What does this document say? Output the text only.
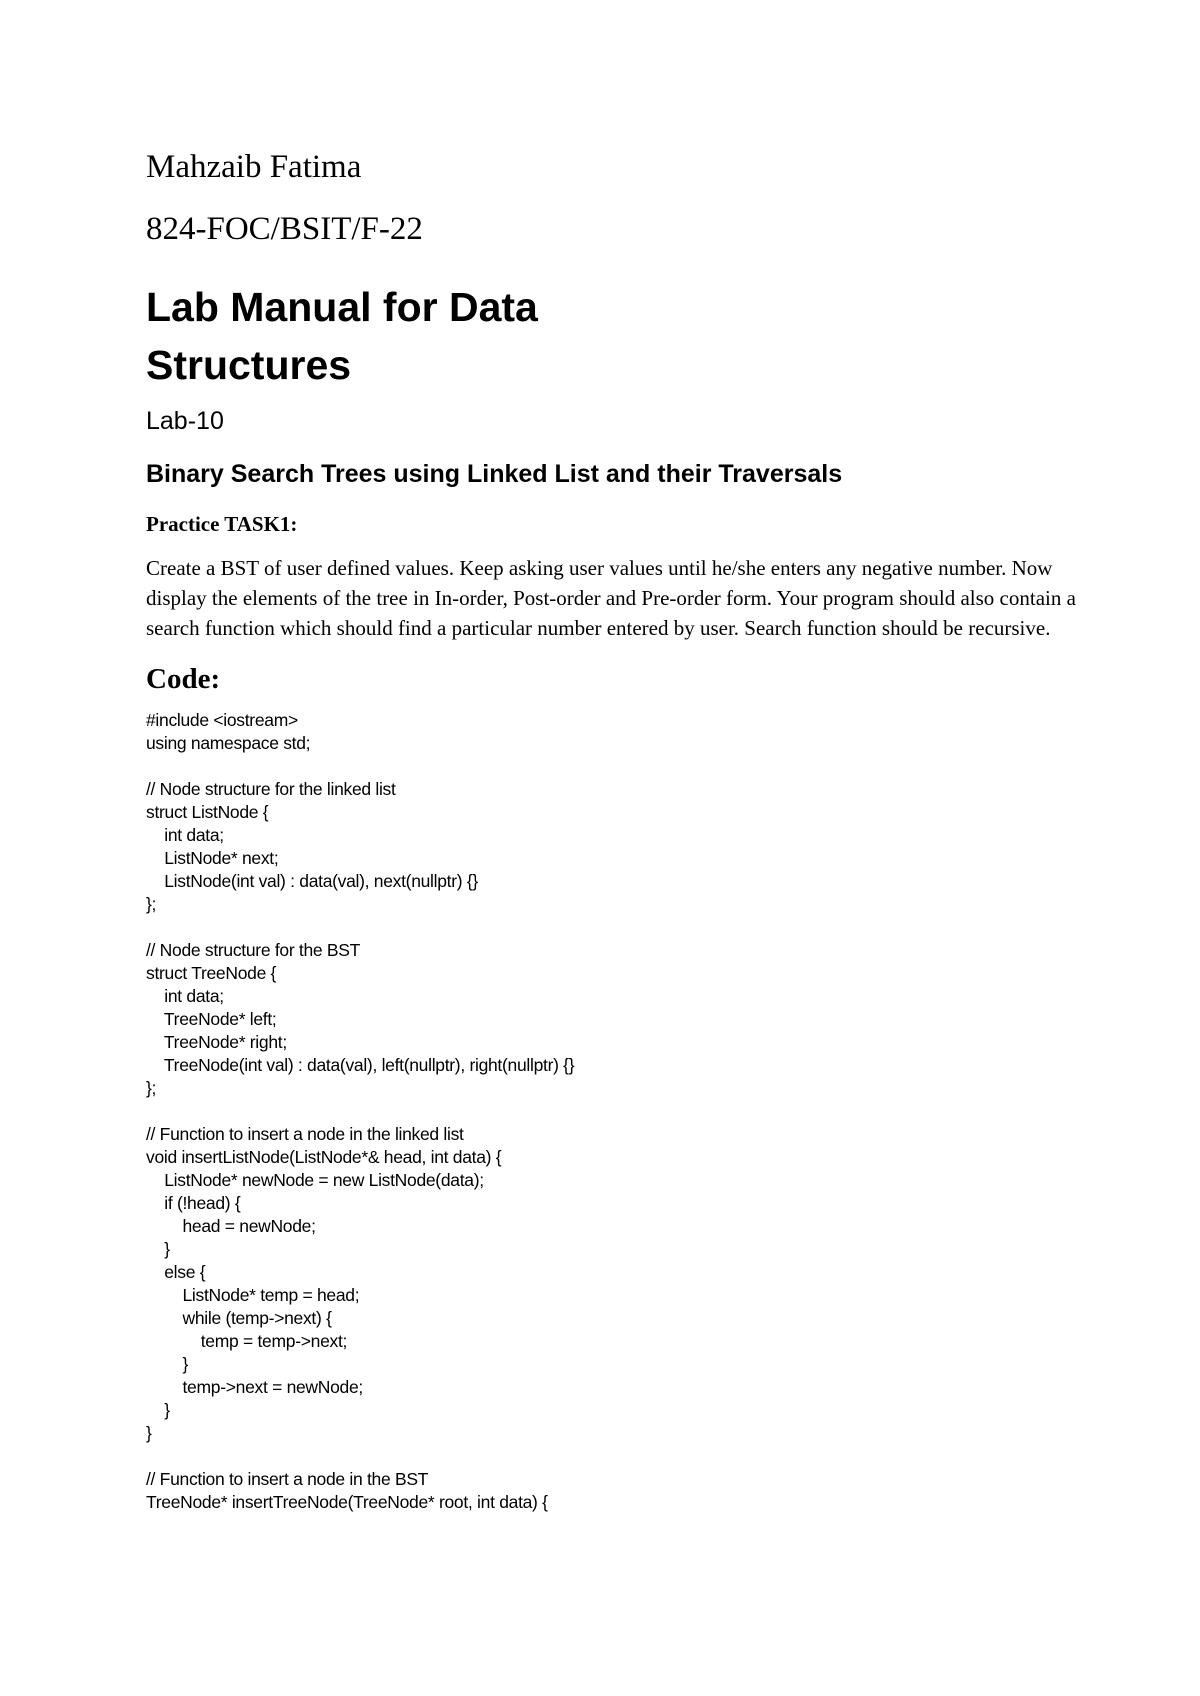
Mahzaib Fatima

824-FOC/BSIT/F-22

Lab Manual for Data Structures
Lab-10
Binary Search Trees using Linked List and their Traversals
Practice TASK1:
Create a BST of user defined values. Keep asking user values until he/she enters any negative number. Now display the elements of the tree in In-order, Post-order and Pre-order form. Your program should also contain a search function which should find a particular number entered by user. Search function should be recursive.
Code:
#include <iostream>
using namespace std;
// Node structure for the linked list
struct ListNode {
int data;
ListNode* next;
ListNode(int val) : data(val), next(nullptr) {}
};
// Node structure for the BST
struct TreeNode {
int data;
TreeNode* left;
TreeNode* right;
TreeNode(int val) : data(val), left(nullptr), right(nullptr) {}
};
// Function to insert a node in the linked list
void insertListNode(ListNode*& head, int data) {
ListNode* newNode = new ListNode(data);
if (!head) {
head = newNode;
}
else {
ListNode* temp = head;
while (temp->next) {
temp = temp->next;
}
temp->next = newNode;
}
}
// Function to insert a node in the BST
TreeNode* insertTreeNode(TreeNode* root, int data) {
